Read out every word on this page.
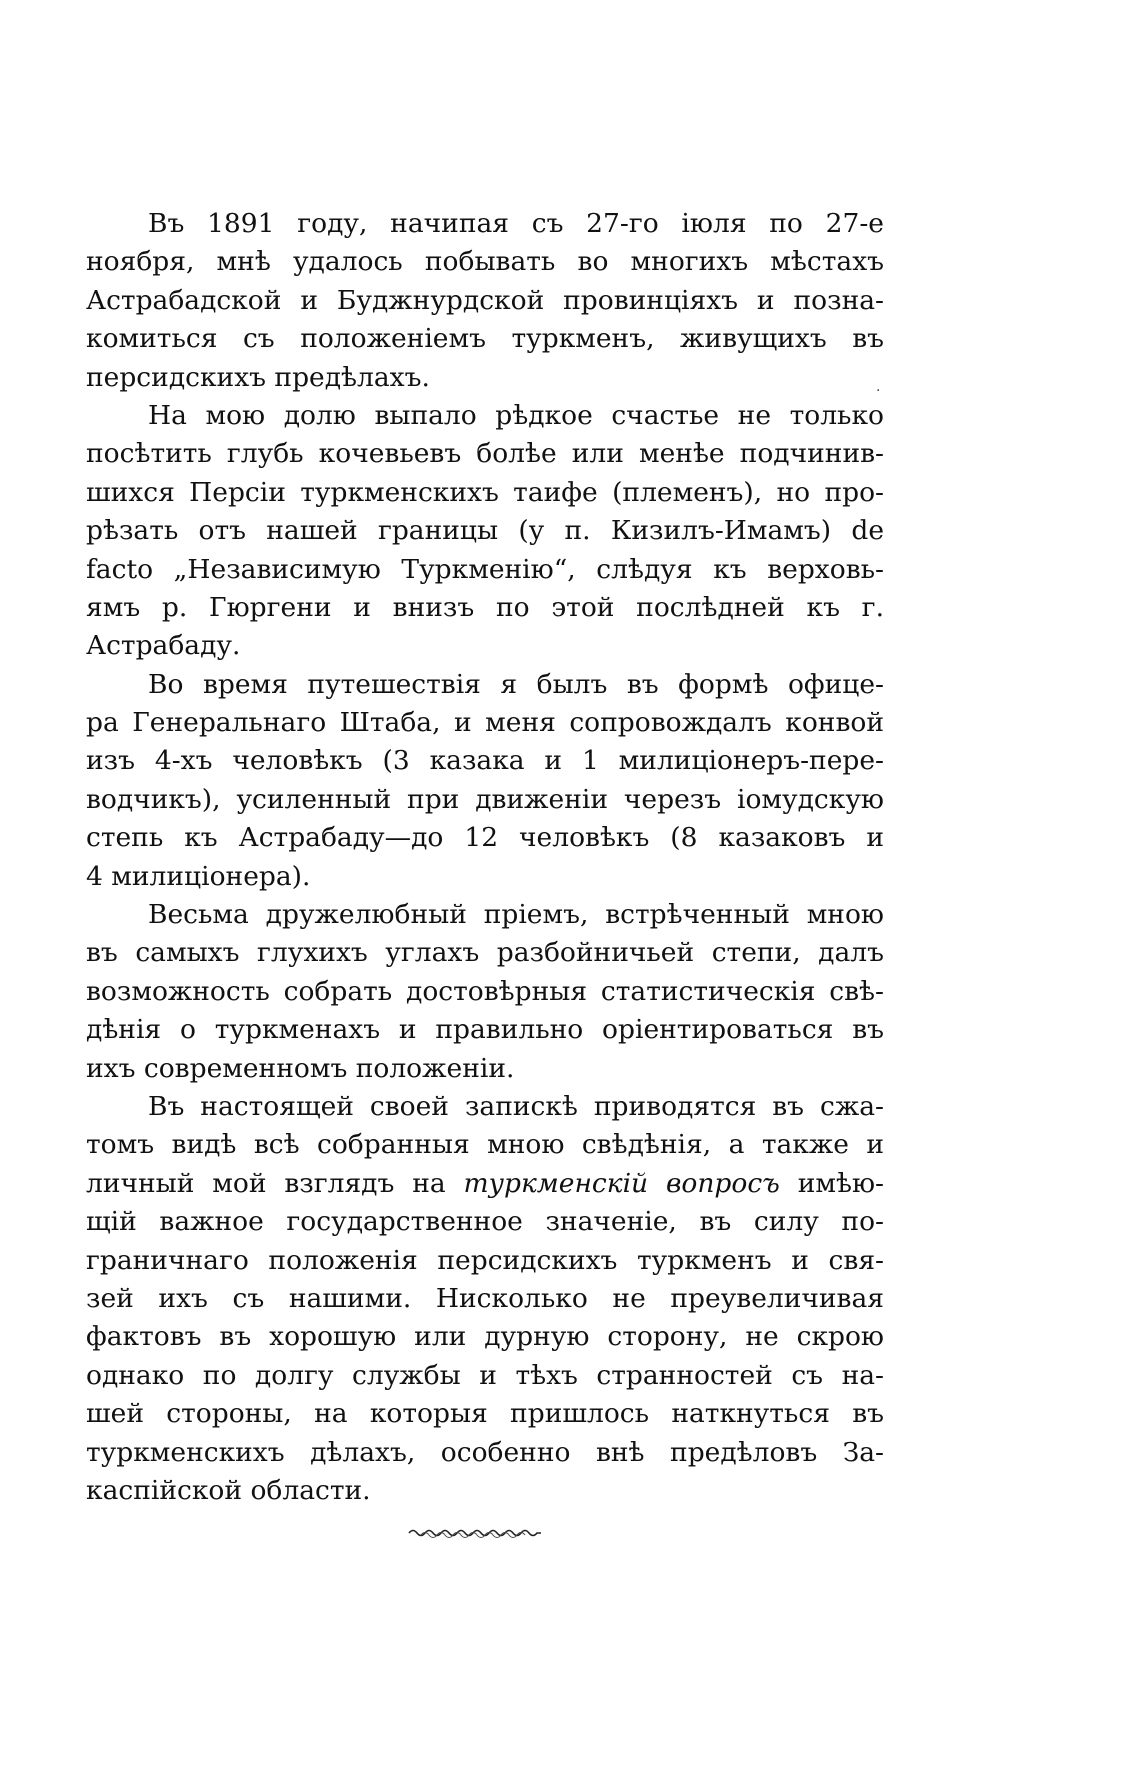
Въ 1891 году, начипая съ 27-го іюля по 27-е
ноября, мнѣ удалось побывать во многихъ мѣстахъ
Астрабадской и Буджнурдской провинціяхъ и позна-
комиться съ положеніемъ туркменъ, живущихъ въ
персидскихъ предѣлахъ.
На мою долю выпало рѣдкое счастье не только
посѣтить глубь кочевьевъ болѣе или менѣе подчинив-
шихся Персіи туркменскихъ таифе (племенъ), но про-
рѣзать отъ нашей границы (у п. Кизилъ-Имамъ) de
facto „Независимую Туркменію“, слѣдуя къ верховь-
ямъ р. Гюргени и внизъ по этой послѣдней къ г.
Астрабаду.
Во время путешествія я былъ въ формѣ офице-
ра Генеральнаго Штаба, и меня сопровождалъ конвой
изъ 4-хъ человѣкъ (3 казака и 1 милиціонеръ-пере-
водчикъ), усиленный при движеніи черезъ іомудскую
степь къ Астрабаду—до 12 человѣкъ (8 казаковъ и
4 милиціонера).
Весьма дружелюбный пріемъ, встрѣченный мною
въ самыхъ глухихъ углахъ разбойничьей степи, далъ
возможность собрать достовѣрныя статистическія свѣ-
дѣнія о туркменахъ и правильно оріентироваться въ
ихъ современномъ положеніи.
Въ настоящей своей запискѣ приводятся въ сжа-
томъ видѣ всѣ собранныя мною свѣдѣнія, а также и
личный мой взглядъ на туркменскій вопросъ имѣю-
щій важное государственное значеніе, въ силу по-
граничнаго положенія персидскихъ туркменъ и свя-
зей ихъ съ нашими. Нисколько не преувеличивая
фактовъ въ хорошую или дурную сторону, не скрою
однако по долгу службы и тѣхъ странностей съ на-
шей стороны, на которыя пришлось наткнуться въ
туркменскихъ дѣлахъ, особенно внѣ предѣловъ За-
каспійской области.
·
